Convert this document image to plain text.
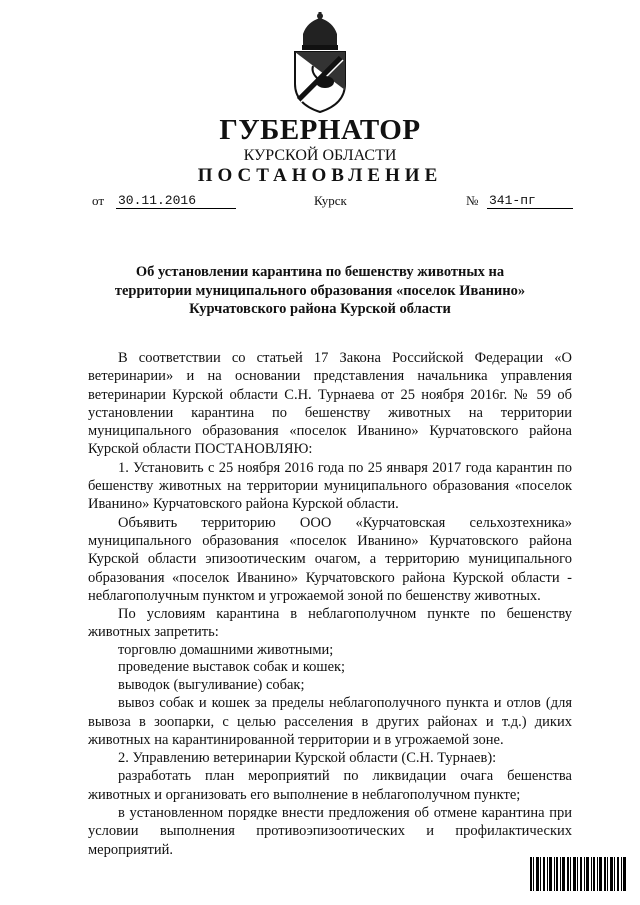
ГУБЕРНАТОР
КУРСКОЙ ОБЛАСТИ
ПОСТАНОВЛЕНИЕ
от 30.11.2016	Курск	№ 341-пг
Об установлении карантина по бешенству животных на
территории муниципального образования «поселок Иванино»
Курчатовского района Курской области

В соответствии со статьей 17 Закона Российской Федерации «О ветеринарии» и на основании представления начальника управления ветеринарии Курской области С.Н. Турнаева от 25 ноября 2016г. № 59 об установлении карантина по бешенству животных на территории муниципального образования «поселок Иванино» Курчатовского района Курской области ПОСТАНОВЛЯЮ:

1. Установить с 25 ноября 2016 года по 25 января 2017 года карантин по бешенству животных на территории муниципального образования «поселок Иванино» Курчатовского района Курской области.

Объявить территорию ООО «Курчатовская сельхозтехника» муниципального образования «поселок Иванино» Курчатовского района Курской области эпизоотическим очагом, а территорию муниципального образования «поселок Иванино» Курчатовского района Курской области - неблагополучным пунктом и угрожаемой зоной по бешенству животных.

По условиям карантина в неблагополучном пункте по бешенству животных запретить:

торговлю домашними животными;

проведение выставок собак и кошек;

выводок (выгуливание) собак;

вывоз собак и кошек за пределы неблагополучного пункта и отлов (для вывоза в зоопарки, с целью расселения в других районах и т.д.) диких животных на карантинированной территории и в угрожаемой зоне.

2. Управлению ветеринарии Курской области (С.Н. Турнаев):

разработать план мероприятий по ликвидации очага бешенства животных и организовать его выполнение в неблагополучном пункте;

в установленном порядке внести предложения об отмене карантина при условии выполнения противоэпизоотических и профилактических мероприятий.
